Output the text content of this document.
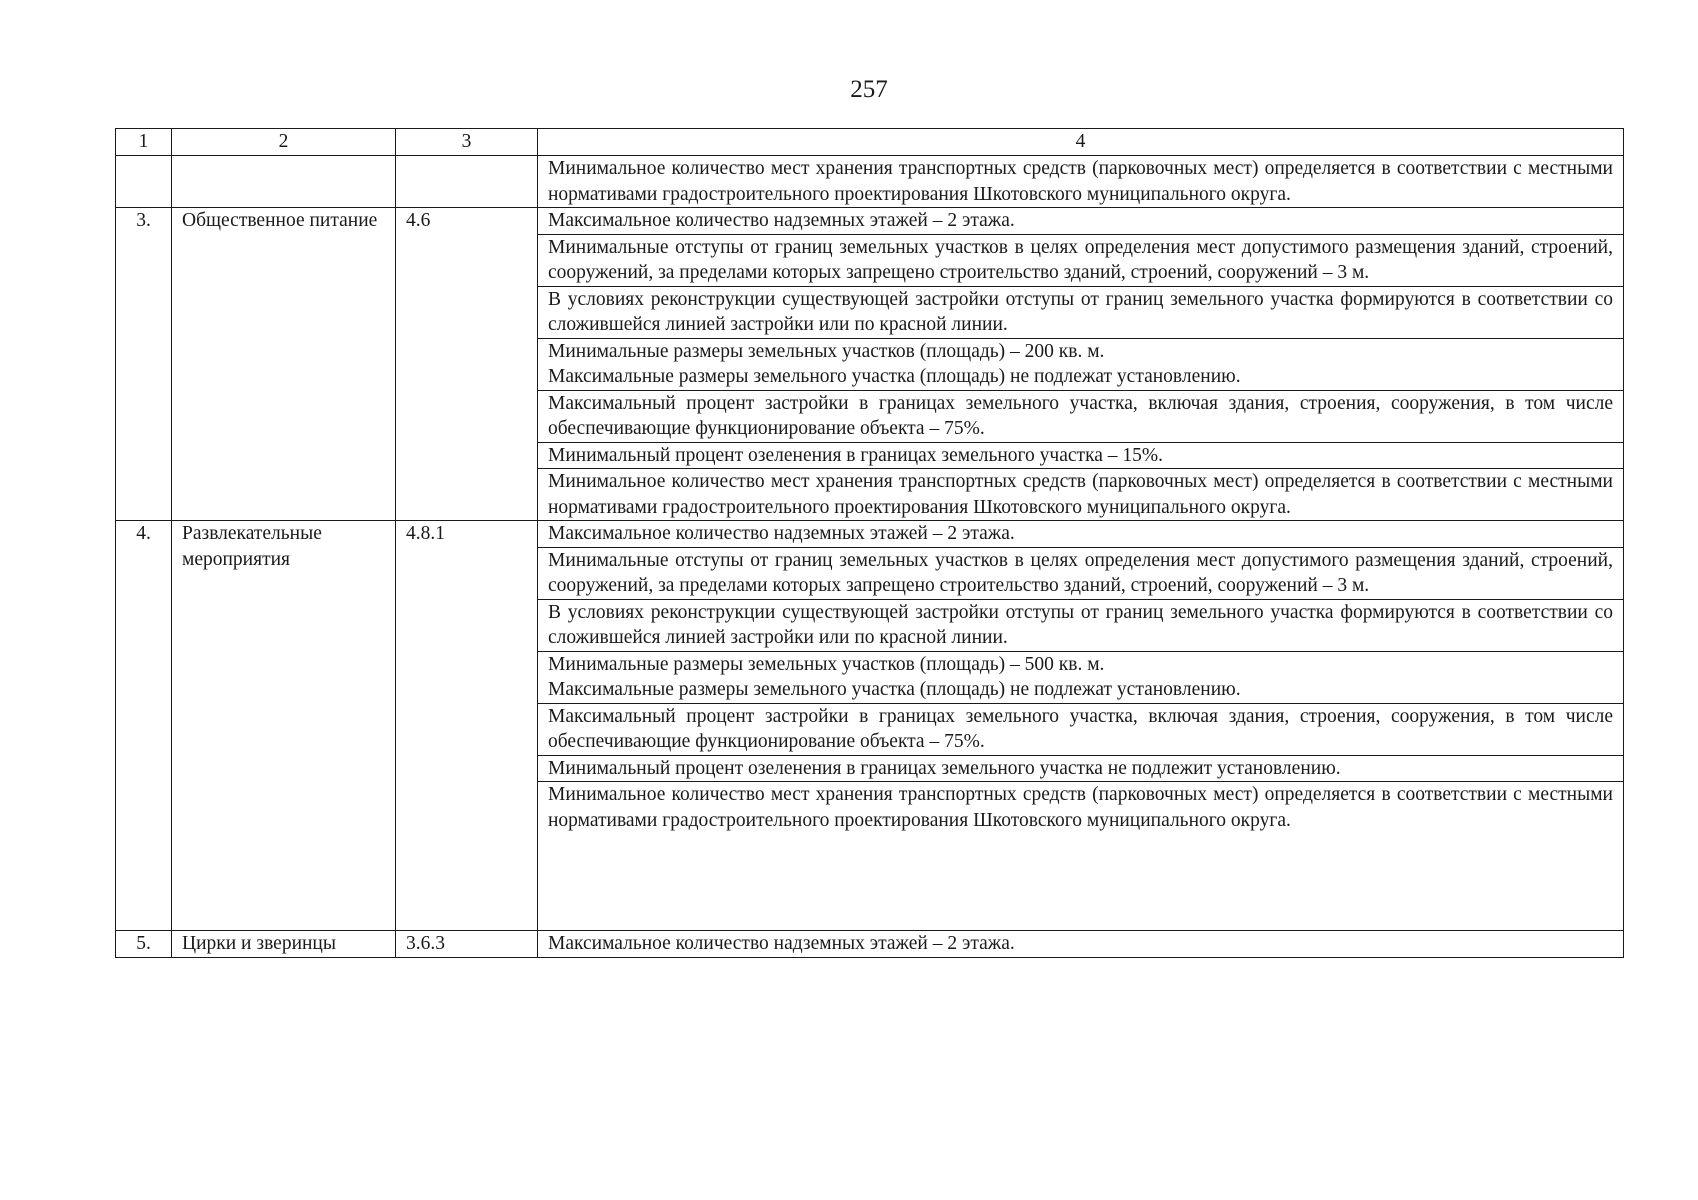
257
1	2	3	4
			Минимальное количество мест хранения транспортных средств (парковочных мест) определяется в соответствии с местными нормативами градостроительного проектирования Шкотовского муниципального округа.
3.	Общественное питание	4.6	Максимальное количество надземных этажей – 2 этажа.
			Минимальные отступы от границ земельных участков в целях определения мест допустимого размещения зданий, строений, сооружений, за пределами которых запрещено строительство зданий, строений, сооружений – 3 м.
			В условиях реконструкции существующей застройки отступы от границ земельного участка формируются в соответствии со сложившейся линией застройки или по красной линии.

			Минимальные размеры земельных участков (площадь) – 200 кв. м.
Максимальные размеры земельного участка (площадь) не подлежат установлению.

			Максимальный процент застройки в границах земельного участка, включая здания, строения, сооружения, в том числе обеспечивающие функционирование объекта – 75%.
			Минимальный процент озеленения в границах земельного участка – 15%.
			Минимальное количество мест хранения транспортных средств (парковочных мест) определяется в соответствии с местными нормативами градостроительного проектирования Шкотовского муниципального округа.
4.	Развлекательные мероприятия	4.8.1	Максимальное количество надземных этажей – 2 этажа.
			Минимальные отступы от границ земельных участков в целях определения мест допустимого размещения зданий, строений, сооружений, за пределами которых запрещено строительство зданий, строений, сооружений – 3 м.
			В условиях реконструкции существующей застройки отступы от границ земельного участка формируются в соответствии со сложившейся линией застройки или по красной линии.

			Минимальные размеры земельных участков (площадь) – 500 кв. м.
Максимальные размеры земельного участка (площадь) не подлежат установлению.

			Максимальный процент застройки в границах земельного участка, включая здания, строения, сооружения, в том числе обеспечивающие функционирование объекта – 75%.
			Минимальный процент озеленения в границах земельного участка не подлежит установлению.
			Минимальное количество мест хранения транспортных средств (парковочных мест) определяется в соответствии с местными нормативами градостроительного проектирования Шкотовского муниципального округа.
5.	Цирки и зверинцы	3.6.3	Максимальное количество надземных этажей – 2 этажа.
